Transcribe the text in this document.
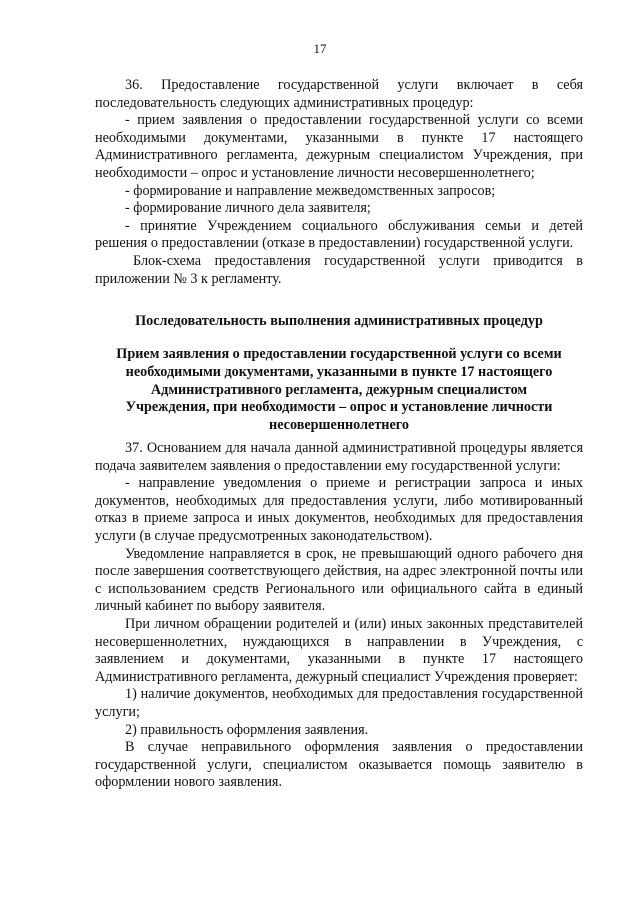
17

36. Предоставление государственной услуги включает в себя последовательность следующих административных процедур:

- прием заявления о предоставлении государственной услуги со всеми необходимыми документами, указанными в пункте 17 настоящего Административного регламента, дежурным специалистом Учреждения, при необходимости – опрос и установление личности несовершеннолетнего;

- формирование и направление межведомственных запросов;

- формирование личного дела заявителя;

- принятие Учреждением социального обслуживания семьи и детей решения о предоставлении (отказе в предоставлении) государственной услуги.

Блок-схема предоставления государственной услуги приводится в приложении № 3 к регламенту.

Последовательность выполнения административных процедур
Прием заявления о предоставлении государственной услуги со всеми необходимыми документами, указанными в пункте 17 настоящего Административного регламента, дежурным специалистом Учреждения, при необходимости – опрос и установление личности несовершеннолетнего

37. Основанием для начала данной административной процедуры является подача заявителем заявления о предоставлении ему государственной услуги:

- направление уведомления о приеме и регистрации запроса и иных документов, необходимых для предоставления услуги, либо мотивированный отказ в приеме запроса и иных документов, необходимых для предоставления услуги (в случае предусмотренных законодательством).

Уведомление направляется в срок, не превышающий одного рабочего дня после завершения соответствующего действия, на адрес электронной почты или с использованием средств Регионального или официального сайта в единый личный кабинет по выбору заявителя.

При личном обращении родителей и (или) иных законных представителей несовершеннолетних, нуждающихся в направлении в Учреждения, с заявлением и документами, указанными в пункте 17 настоящего Административного регламента, дежурный специалист Учреждения проверяет:

1) наличие документов, необходимых для предоставления государственной услуги;

2) правильность оформления заявления.

В случае неправильного оформления заявления о предоставлении государственной услуги, специалистом оказывается помощь заявителю в оформлении нового заявления.
